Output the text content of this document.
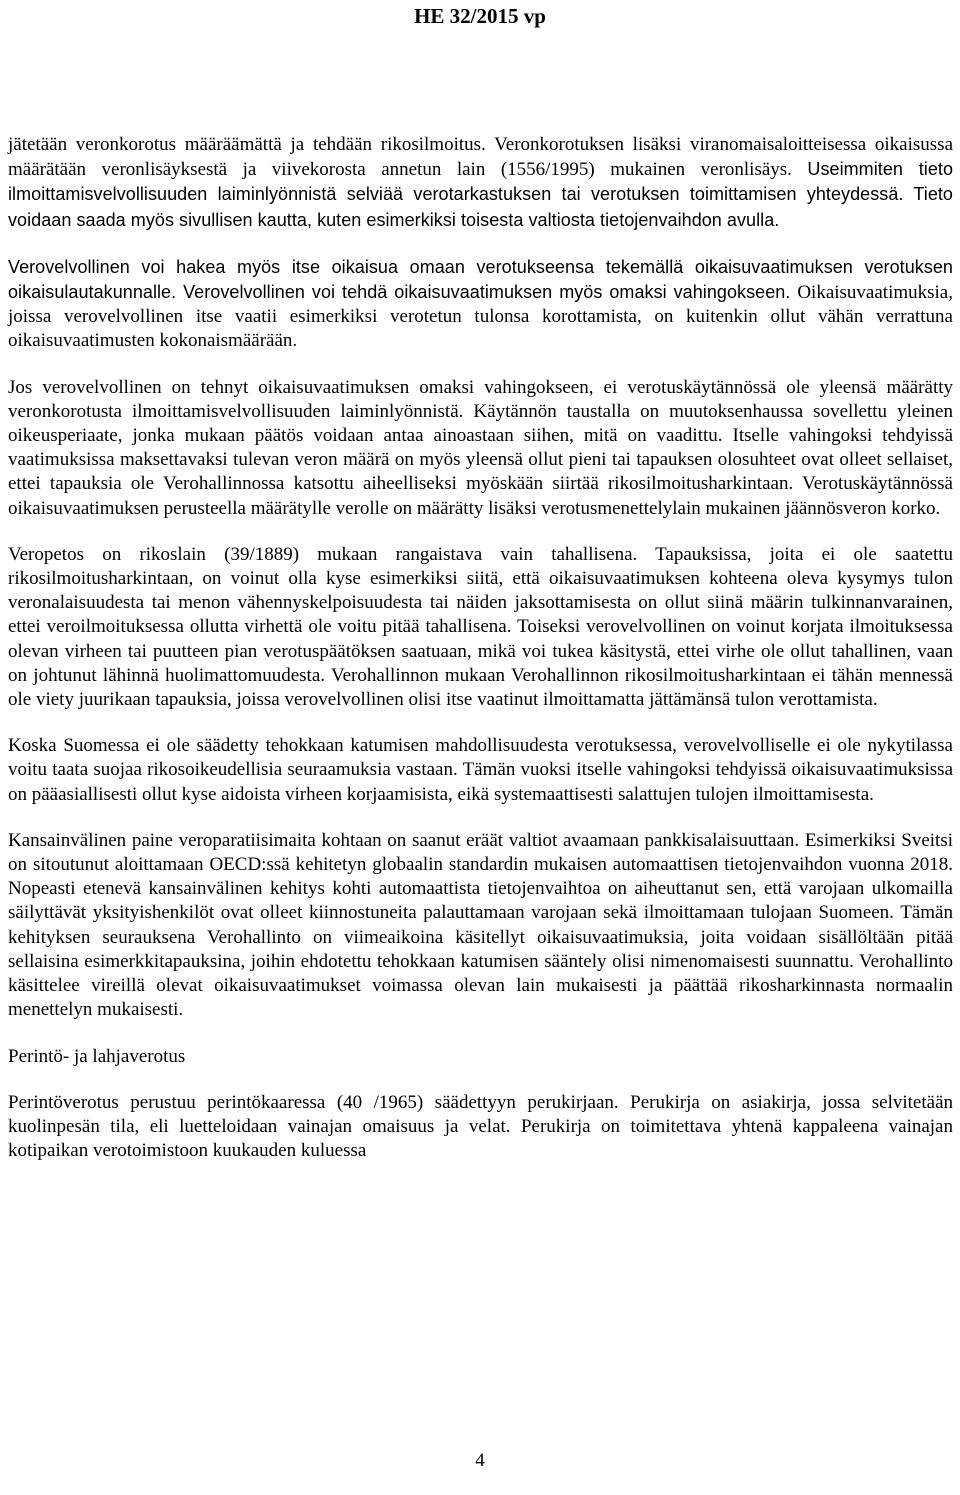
HE 32/2015 vp

jätetään veronkorotus määräämättä ja tehdään rikosilmoitus. Veronkorotuksen lisäksi viranomaisaloitteisessa oikaisussa määrätään veronlisäyksestä ja viivekorosta annetun lain (1556/1995) mukainen veronlisäys. Useimmiten tieto ilmoittamisvelvollisuuden laiminlyönnistä selviää verotarkastuksen tai verotuksen toimittamisen yhteydessä. Tieto voidaan saada myös sivullisen kautta, kuten esimerkiksi toisesta valtiosta tietojenvaihdon avulla.

Verovelvollinen voi hakea myös itse oikaisua omaan verotukseensa tekemällä oikaisuvaatimuksen verotuksen oikaisulautakunnalle. Verovelvollinen voi tehdä oikaisuvaatimuksen myös omaksi vahingokseen. Oikaisuvaatimuksia, joissa verovelvollinen itse vaatii esimerkiksi verotetun tulonsa korottamista, on kuitenkin ollut vähän verrattuna oikaisuvaatimusten kokonaismäärään.

Jos verovelvollinen on tehnyt oikaisuvaatimuksen omaksi vahingokseen, ei verotuskäytännössä ole yleensä määrätty veronkorotusta ilmoittamisvelvollisuuden laiminlyönnistä. Käytännön taustalla on muutoksenhaussa sovellettu yleinen oikeusperiaate, jonka mukaan päätös voidaan antaa ainoastaan siihen, mitä on vaadittu. Itselle vahingoksi tehdyissä vaatimuksissa maksettavaksi tulevan veron määrä on myös yleensä ollut pieni tai tapauksen olosuhteet ovat olleet sellaiset, ettei tapauksia ole Verohallinnossa katsottu aiheelliseksi myöskään siirtää rikosilmoitusharkintaan. Verotuskäytännössä oikaisuvaatimuksen perusteella määrätylle verolle on määrätty lisäksi verotusmenettelylain mukainen jäännösveron korko.

Veropetos on rikoslain (39/1889) mukaan rangaistava vain tahallisena. Tapauksissa, joita ei ole saatettu rikosilmoitusharkintaan, on voinut olla kyse esimerkiksi siitä, että oikaisuvaatimuksen kohteena oleva kysymys tulon veronalaisuudesta tai menon vähennyskelpoisuudesta tai näiden jaksottamisesta on ollut siinä määrin tulkinnanvarainen, ettei veroilmoituksessa ollutta virhettä ole voitu pitää tahallisena. Toiseksi verovelvollinen on voinut korjata ilmoituksessa olevan virheen tai puutteen pian verotuspäätöksen saatuaan, mikä voi tukea käsitystä, ettei virhe ole ollut tahallinen, vaan on johtunut lähinnä huolimattomuudesta. Verohallinnon mukaan Verohallinnon rikosilmoitusharkintaan ei tähän mennessä ole viety juurikaan tapauksia, joissa verovelvollinen olisi itse vaatinut ilmoittamatta jättämänsä tulon verottamista.

Koska Suomessa ei ole säädetty tehokkaan katumisen mahdollisuudesta verotuksessa, verovelvolliselle ei ole nykytilassa voitu taata suojaa rikosoikeudellisia seuraamuksia vastaan. Tämän vuoksi itselle vahingoksi tehdyissä oikaisuvaatimuksissa on pääasiallisesti ollut kyse aidoista virheen korjaamisista, eikä systemaattisesti salattujen tulojen ilmoittamisesta.

Kansainvälinen paine veroparatiisimaita kohtaan on saanut eräät valtiot avaamaan pankkisalaisuuttaan. Esimerkiksi Sveitsi on sitoutunut aloittamaan OECD:ssä kehitetyn globaalin standardin mukaisen automaattisen tietojenvaihdon vuonna 2018. Nopeasti etenevä kansainvälinen kehitys kohti automaattista tietojenvaihtoa on aiheuttanut sen, että varojaan ulkomailla säilyttävät yksityishenkilöt ovat olleet kiinnostuneita palauttamaan varojaan sekä ilmoittamaan tulojaan Suomeen. Tämän kehityksen seurauksena Verohallinto on viimeaikoina käsitellyt oikaisuvaatimuksia, joita voidaan sisällöltään pitää sellaisina esimerkkitapauksina, joihin ehdotettu tehokkaan katumisen sääntely olisi nimenomaisesti suunnattu. Verohallinto käsittelee vireillä olevat oikaisuvaatimukset voimassa olevan lain mukaisesti ja päättää rikosharkinnasta normaalin menettelyn mukaisesti.

Perintö- ja lahjaverotus

Perintöverotus perustuu perintökaaressa (40 /1965) säädettyyn perukirjaan. Perukirja on asiakirja, jossa selvitetään kuolinpesän tila, eli luetteloidaan vainajan omaisuus ja velat. Perukirja on toimitettava yhtenä kappaleena vainajan kotipaikan verotoimistoon kuukauden kuluessa

4
